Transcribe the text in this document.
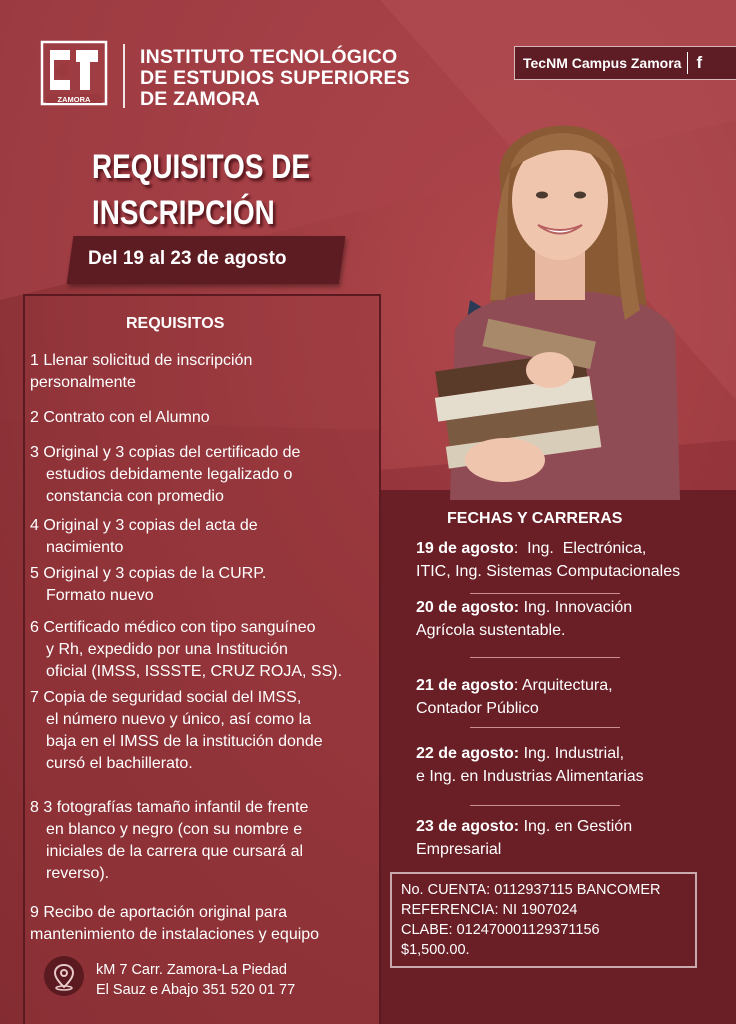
ZAMORA
INSTITUTO TECNOLÓGICO
DE ESTUDIOS SUPERIORES
DE ZAMORA
TecNM Campus Zamora f
REQUISITOS DE
INSCRIPCIÓN
Del 19 al 23 de agosto
REQUISITOS
1 Llenar solicitud de inscripción
personalmente
2 Contrato con el Alumno
3 Original y 3 copias del certificado de
estudios debidamente legalizado o
constancia con promedio
4 Original y 3 copias del acta de
nacimiento
5 Original y 3 copias de la CURP.
Formato nuevo
6 Certificado médico con tipo sanguíneo
y Rh, expedido por una Institución
oficial (IMSS, ISSSTE, CRUZ ROJA, SS).
7 Copia de seguridad social del IMSS,
el número nuevo y único, así como la
baja en el IMSS de la institución donde
cursó el bachillerato.
8 3 fotografías tamaño infantil de frente
en blanco y negro (con su nombre e
iniciales de la carrera que cursará al
reverso).
9 Recibo de aportación original para
mantenimiento de instalaciones y equipo
FECHAS Y CARRERAS
19 de agosto:  Ing.  Electrónica,
ITIC, Ing. Sistemas Computacionales
20 de agosto: Ing. Innovación
Agrícola sustentable.
21 de agosto: Arquitectura,
Contador Público
22 de agosto: Ing. Industrial,
e Ing. en Industrias Alimentarias
23 de agosto: Ing. en Gestión
Empresarial
No. CUENTA: 0112937115 BANCOMER
REFERENCIA: NI 1907024
CLABE: 012470001129371156
$1,500.00.
kM 7 Carr. Zamora-La Piedad
El Sauz e Abajo 351 520 01 77
